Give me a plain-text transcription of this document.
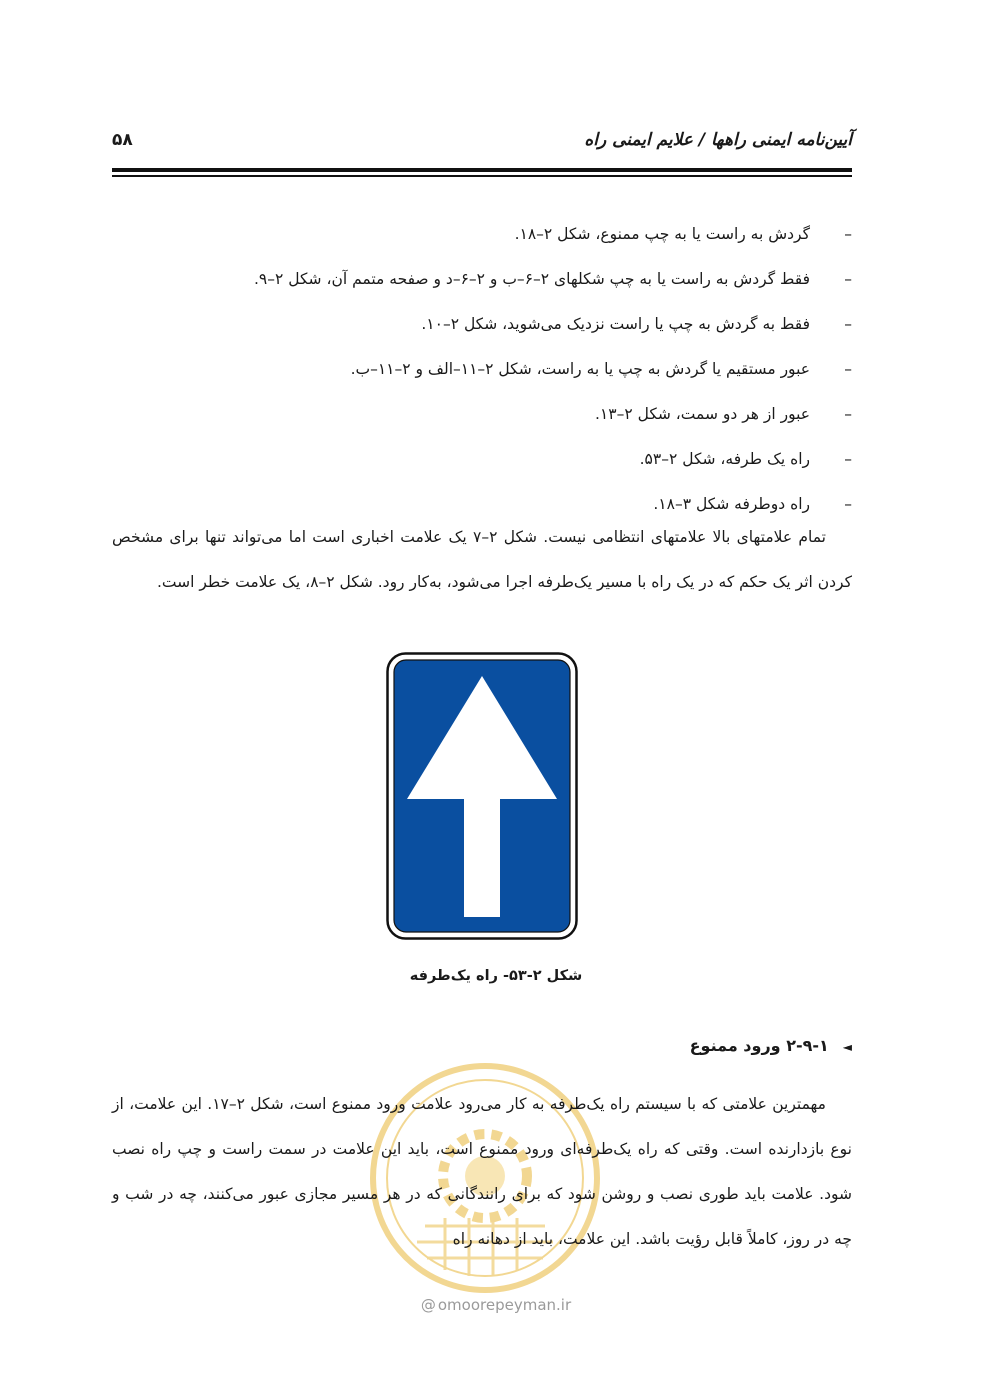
آیین‌نامه ایمنی راهها / علایم ایمنی راه
۵۸
–
گردش به راست یا به چپ ممنوع، شکل ۲–۱۸.
–
فقط گردش به راست یا به چپ شکلهای ۲–۶–ب و ۲–۶–د و صفحه متمم آن، شکل ۲–۹.
–
فقط به گردش به چپ یا راست نزدیک می‌شوید، شکل ۲–۱۰.
–
عبور مستقیم یا گردش به چپ یا به راست، شکل ۲–۱۱–الف و ۲–۱۱–ب.
–
عبور از هر دو سمت، شکل ۲–۱۳.
–
راه یک طرفه، شکل ۲–۵۳.
–
راه دوطرفه شکل ۳–۱۸.

تمام علامتهای بالا علامتهای انتظامی نیست. شکل ۲–۷ یک علامت اخباری است اما می‌تواند تنها برای مشخص کردن اثر یک حکم که در یک راه با مسیر یک‌طرفه اجرا می‌شود، به‌کار رود. شکل ۲–۸، یک علامت خطر است.

شکل ۲-۵۳- راه یک‌طرفه
◄۲-۹-۱ ورود ممنوع

مهمترین علامتی که با سیستم راه یک‌طرفه به کار می‌رود علامت ورود ممنوع است، شکل ۲–۱۷. این علامت، از نوع بازدارنده است. وقتی که راه یک‌طرفه‌ای ورود ممنوع است، باید این علامت در سمت راست و چپ راه نصب شود. علامت باید طوری نصب و روشن شود که برای رانندگانی که در هر مسیر مجازی عبور می‌کنند، چه در شب و چه در روز، کاملاً قابل رؤیت باشد. این علامت، باید از دهانه راه

@ omoorepeyman.ir
